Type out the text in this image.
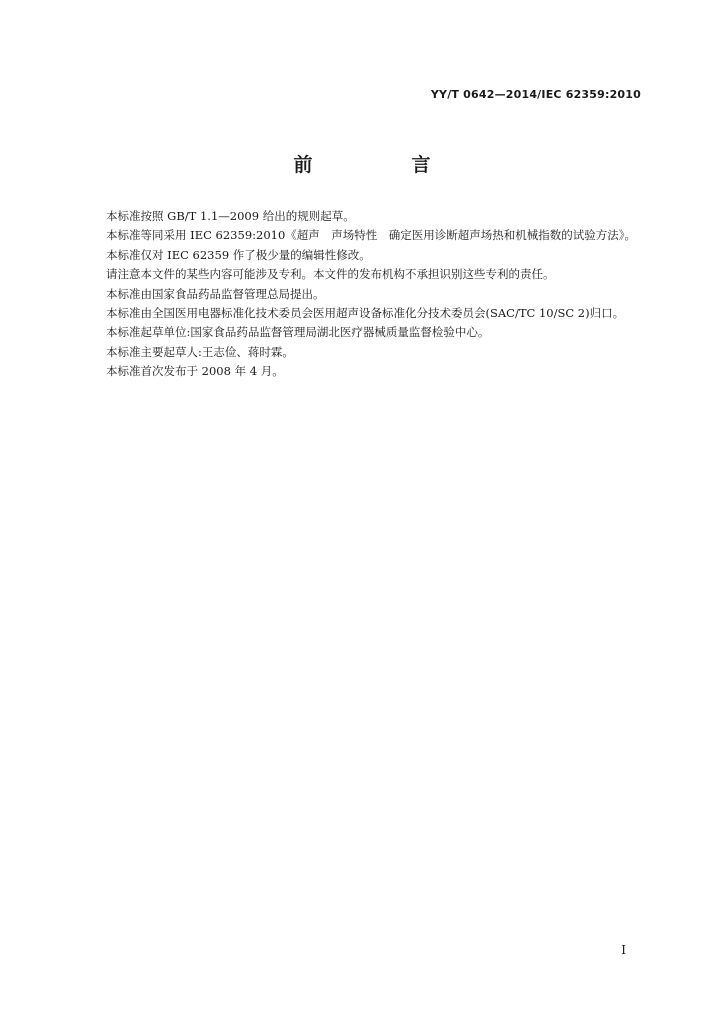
YY/T 0642—2014/IEC 62359:2010
前　言

本标准按照 GB/T 1.1—2009 给出的规则起草。

本标准等同采用 IEC 62359:2010《超声　声场特性　确定医用诊断超声场热和机械指数的试验方法》。

本标准仅对 IEC 62359 作了极少量的编辑性修改。

请注意本文件的某些内容可能涉及专利。本文件的发布机构不承担识别这些专利的责任。

本标准由国家食品药品监督管理总局提出。

本标准由全国医用电器标准化技术委员会医用超声设备标准化分技术委员会(SAC/TC 10/SC 2)归口。

本标准起草单位:国家食品药品监督管理局湖北医疗器械质量监督检验中心。

本标准主要起草人:王志俭、蒋时霖。

本标准首次发布于 2008 年 4 月。

I
